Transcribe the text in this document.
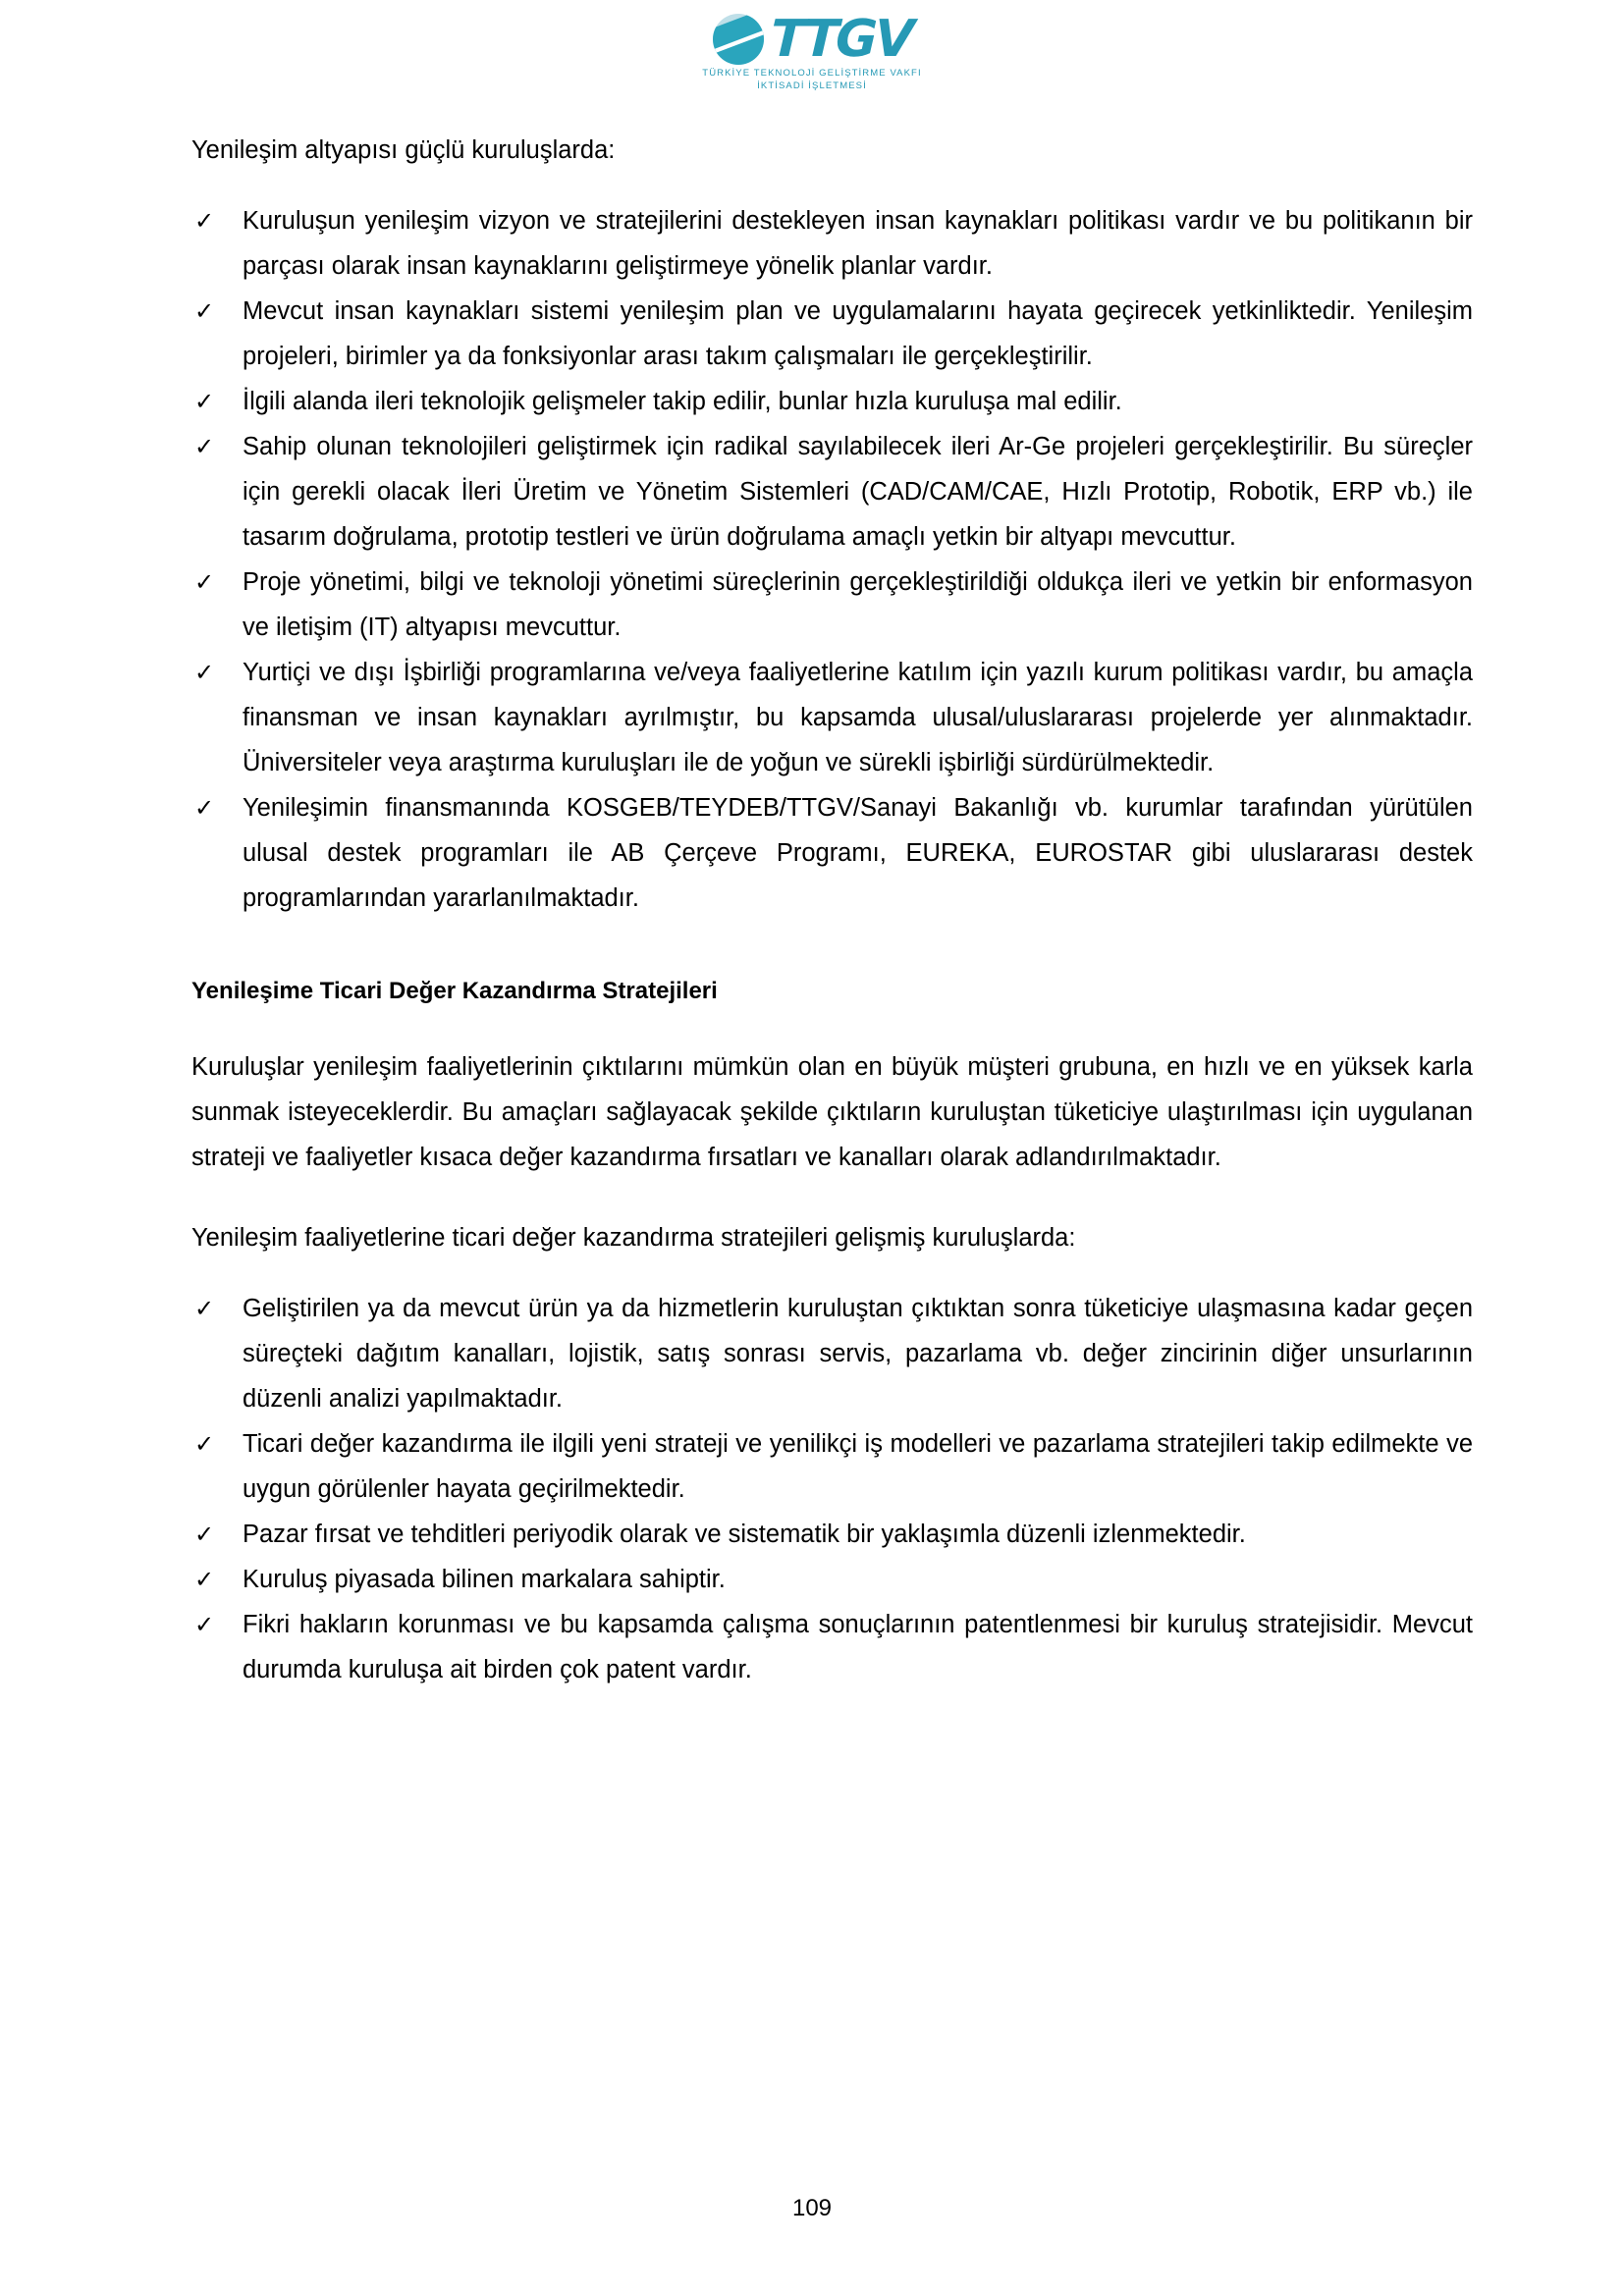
TTGV
TÜRKİYE TEKNOLOJİ GELİŞTİRME VAKFI
İKTİSADİ İŞLETMESİ

Yenileşim altyapısı güçlü kuruluşlarda:

✓ Kuruluşun yenileşim vizyon ve stratejilerini destekleyen insan kaynakları politikası vardır ve bu politikanın bir parçası olarak insan kaynaklarını geliştirmeye yönelik planlar vardır.
✓ Mevcut insan kaynakları sistemi yenileşim plan ve uygulamalarını hayata geçirecek yetkinliktedir. Yenileşim projeleri, birimler ya da fonksiyonlar arası takım çalışmaları ile gerçekleştirilir.
✓ İlgili alanda ileri teknolojik gelişmeler takip edilir, bunlar hızla kuruluşa mal edilir.
✓ Sahip olunan teknolojileri geliştirmek için radikal sayılabilecek ileri Ar-Ge projeleri gerçekleştirilir. Bu süreçler için gerekli olacak İleri Üretim ve Yönetim Sistemleri (CAD/CAM/CAE, Hızlı Prototip, Robotik, ERP vb.) ile tasarım doğrulama, prototip testleri ve ürün doğrulama amaçlı yetkin bir altyapı mevcuttur.
✓ Proje yönetimi, bilgi ve teknoloji yönetimi süreçlerinin gerçekleştirildiği oldukça ileri ve yetkin bir enformasyon ve iletişim (IT) altyapısı mevcuttur.
✓ Yurtiçi ve dışı İşbirliği programlarına ve/veya faaliyetlerine katılım için yazılı kurum politikası vardır, bu amaçla finansman ve insan kaynakları ayrılmıştır, bu kapsamda ulusal/uluslararası projelerde yer alınmaktadır. Üniversiteler veya araştırma kuruluşları ile de yoğun ve sürekli işbirliği sürdürülmektedir.
✓ Yenileşimin finansmanında KOSGEB/TEYDEB/TTGV/Sanayi Bakanlığı vb. kurumlar tarafından yürütülen ulusal destek programları ile AB Çerçeve Programı, EUREKA, EUROSTAR gibi uluslararası destek programlarından yararlanılmaktadır.
Yenileşime Ticari Değer Kazandırma Stratejileri

Kuruluşlar yenileşim faaliyetlerinin çıktılarını mümkün olan en büyük müşteri grubuna, en hızlı ve en yüksek karla sunmak isteyeceklerdir. Bu amaçları sağlayacak şekilde çıktıların kuruluştan tüketiciye ulaştırılması için uygulanan strateji ve faaliyetler kısaca değer kazandırma fırsatları ve kanalları olarak adlandırılmaktadır.

Yenileşim faaliyetlerine ticari değer kazandırma stratejileri gelişmiş kuruluşlarda:

✓ Geliştirilen ya da mevcut ürün ya da hizmetlerin kuruluştan çıktıktan sonra tüketiciye ulaşmasına kadar geçen süreçteki dağıtım kanalları, lojistik, satış sonrası servis, pazarlama vb. değer zincirinin diğer unsurlarının düzenli analizi yapılmaktadır.
✓ Ticari değer kazandırma ile ilgili yeni strateji ve yenilikçi iş modelleri ve pazarlama stratejileri takip edilmekte ve uygun görülenler hayata geçirilmektedir.
✓ Pazar fırsat ve tehditleri periyodik olarak ve sistematik bir yaklaşımla düzenli izlenmektedir.
✓ Kuruluş piyasada bilinen markalara sahiptir.
✓ Fikri hakların korunması ve bu kapsamda çalışma sonuçlarının patentlenmesi bir kuruluş stratejisidir. Mevcut durumda kuruluşa ait birden çok patent vardır.
109
